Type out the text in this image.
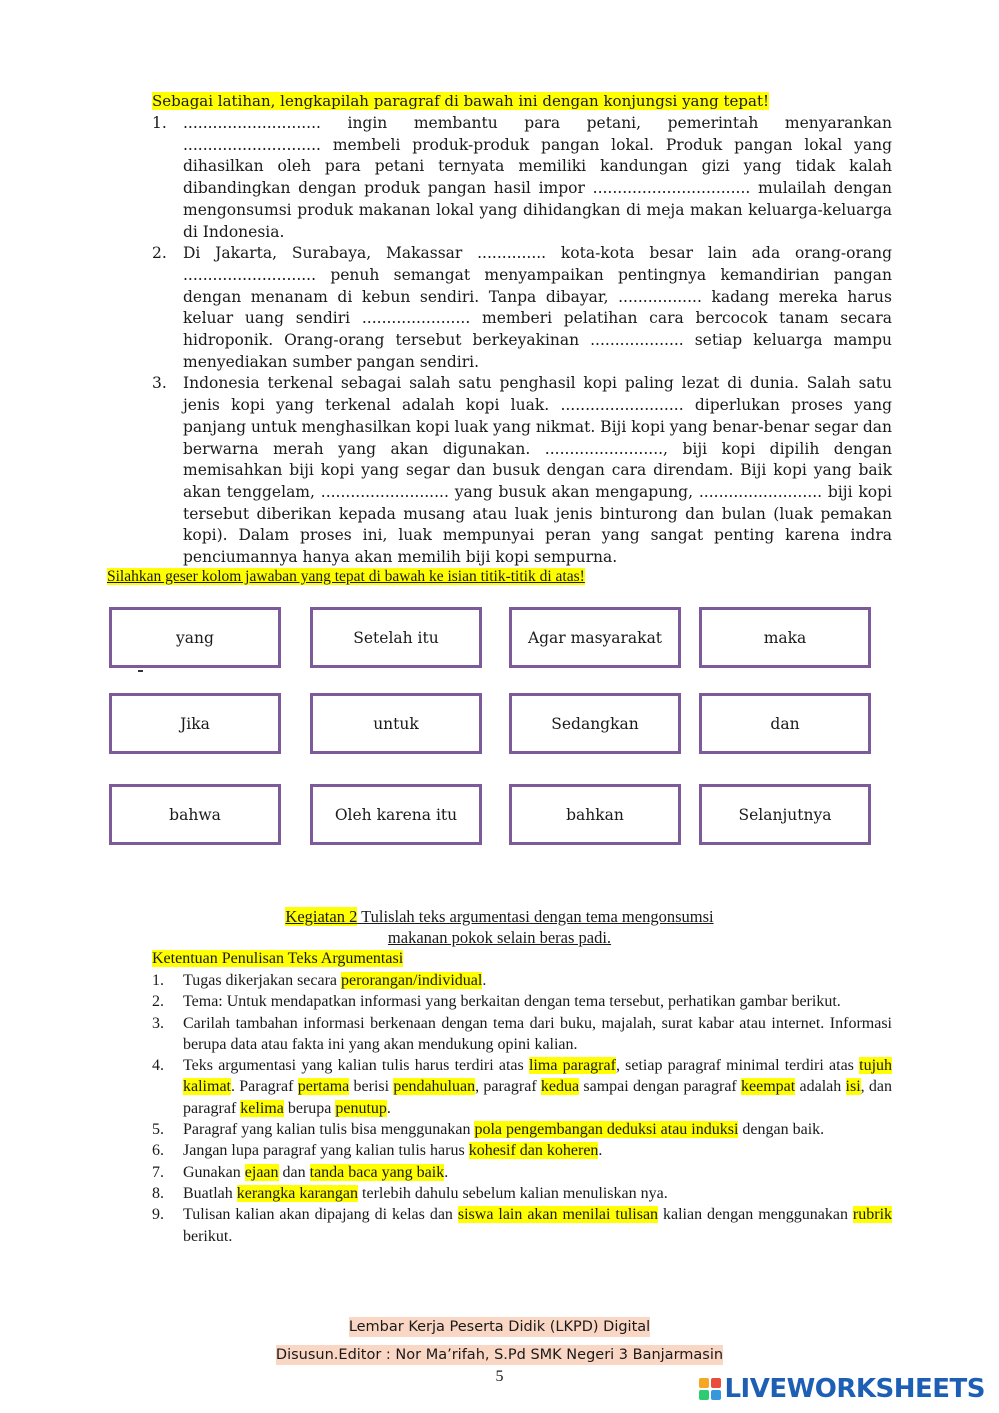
Sebagai latihan, lengkapilah paragraf di bawah ini dengan konjungsi yang tepat!
1.	............................ ingin membantu para petani, pemerintah menyarankan ............................ membeli produk-produk pangan lokal. Produk pangan lokal yang dihasilkan oleh para petani ternyata memiliki kandungan gizi yang tidak kalah dibandingkan dengan produk pangan hasil impor ................................ mulailah dengan mengonsumsi produk makanan lokal yang dihidangkan di meja makan keluarga-keluarga di Indonesia.
2.	Di Jakarta, Surabaya, Makassar .............. kota-kota besar lain ada orang-orang ........................... penuh semangat menyampaikan pentingnya kemandirian pangan dengan menanam di kebun sendiri. Tanpa dibayar, ................. kadang mereka harus keluar uang sendiri ...................... memberi pelatihan cara bercocok tanam secara hidroponik. Orang-orang tersebut berkeyakinan ................... setiap keluarga mampu menyediakan sumber pangan sendiri.
3.	Indonesia terkenal sebagai salah satu penghasil kopi paling lezat di dunia. Salah satu jenis kopi yang terkenal adalah kopi luak. ......................... diperlukan proses yang panjang untuk menghasilkan kopi luak yang nikmat. Biji kopi yang benar-benar segar dan berwarna merah yang akan digunakan. ........................, biji kopi dipilih dengan memisahkan biji kopi yang segar dan busuk dengan cara direndam. Biji kopi yang baik akan tenggelam, .......................... yang busuk akan mengapung, ......................... biji kopi tersebut diberikan kepada musang atau luak jenis binturong dan bulan (luak pemakan kopi). Dalam proses ini, luak mempunyai peran yang sangat penting karena indra penciumannya hanya akan memilih biji kopi sempurna.
Silahkan geser kolom jawaban yang tepat di bawah ke isian titik-titik di atas!
yang	Setelah itu	Agar masyarakat	maka
Jika	untuk	Sedangkan	dan
bahwa	Oleh karena itu	bahkan	Selanjutnya
Kegiatan 2 Tulislah teks argumentasi dengan tema mengonsumsi
makanan pokok selain beras padi.
Ketentuan Penulisan Teks Argumentasi
1.	Tugas dikerjakan secara perorangan/individual.
2.	Tema: Untuk mendapatkan informasi yang berkaitan dengan tema tersebut, perhatikan gambar berikut.
3.	Carilah tambahan informasi berkenaan dengan tema dari buku, majalah, surat kabar atau internet. Informasi berupa data atau fakta ini yang akan mendukung opini kalian.
4.	Teks argumentasi yang kalian tulis harus terdiri atas lima paragraf, setiap paragraf minimal terdiri atas tujuh kalimat. Paragraf pertama berisi pendahuluan, paragraf kedua sampai dengan paragraf keempat adalah isi, dan paragraf kelima berupa penutup.
5.	Paragraf yang kalian tulis bisa menggunakan pola pengembangan deduksi atau induksi dengan baik.
6.	Jangan lupa paragraf yang kalian tulis harus kohesif dan koheren.
7.	Gunakan ejaan dan tanda baca yang baik.
8.	Buatlah kerangka karangan terlebih dahulu sebelum kalian menuliskan nya.
9.	Tulisan kalian akan dipajang di kelas dan siswa lain akan menilai tulisan kalian dengan menggunakan rubrik berikut.
Lembar Kerja Peserta Didik (LKPD) Digital
Disusun.Editor : Nor Ma’rifah, S.Pd SMK Negeri 3 Banjarmasin
5	LIVEWORKSHEETS
